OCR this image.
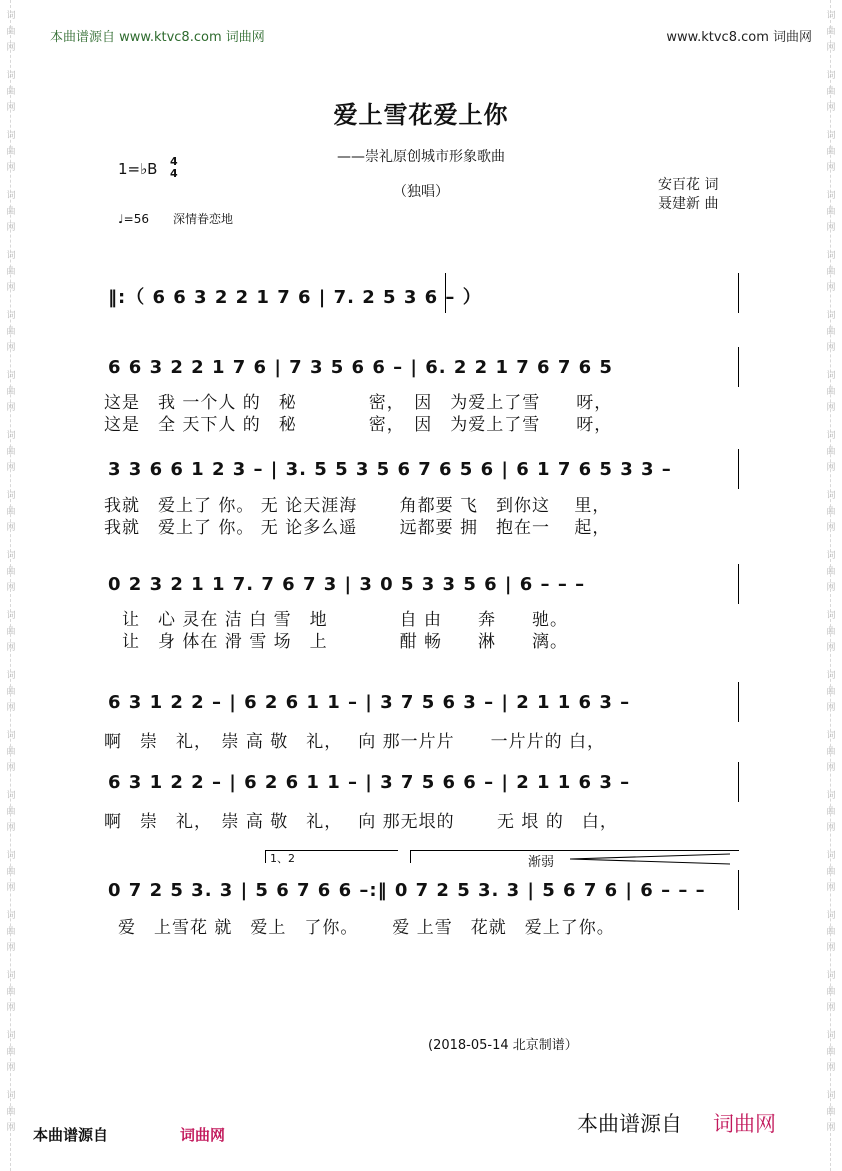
词
曲
网
词
曲
网
词
曲
网
词
曲
网
词
曲
网
词
曲
网
词
曲
网
词
曲
网
词
曲
网
词
曲
网
词
曲
网
词
曲
网
词
曲
网
词
曲
网
词
曲
网
词
曲
网
词
曲
网
词
曲
网
词
曲
网
词
曲
网
词
曲
网
词
曲
网
词
曲
网
词
曲
网
词
曲
网
词
曲
网
词
曲
网
词
曲
网
词
曲
网
词
曲
网
词
曲
网
词
曲
网
词
曲
网
词
曲
网
词
曲
网
词
曲
网
词
曲
网
词
曲
网
本曲谱源自 www.ktvc8.com 词曲网	www.ktvc8.com 词曲网
爱上雪花爱上你
——崇礼原创城市形象歌曲
（独唱）
1=♭B 4
4
♩=56　　深情眷恋地
安百花 词
聂建新 曲
‖:（ 6 6 3 2 2 1 7 6 | 7. 2 5 3 6 – ）
6 6 3 2 2 1 7 6 | 7 3 5 6 6 – | 6. 2 2 1 7 6 7 6 5
这是　我 一个人 的　秘　　　　密，　因　为爱上了雪　　呀，
这是　全 天下人 的　秘　　　　密，　因　为爱上了雪　　呀，
3 3 6 6 1 2 3 – | 3. 5 5 3 5 6 7 6 5 6 | 6 1 7 6 5 3 3 –
我就　爱上了 你。 无 论天涯海　　 角都要 飞　到你这　 里，
我就　爱上了 你。 无 论多么遥　　 远都要 拥　抱在一　 起，
0 2 3 2 1 1 7. 7 6 7 3 | 3 0 5 3 3 5 6 | 6 – – –
　让　心 灵在 洁 白 雪　地　　　　自 由　　奔　　驰。
　让　身 体在 滑 雪 场　上　　　　酣 畅　　淋　　漓。
6 3 1 2 2 – | 6 2 6 1 1 – | 3 7 5 6 3 – | 2 1 1 6 3 –
啊　崇　礼，　崇 高 敬　礼，　 向 那一片片　　一片片的 白，
6 3 1 2 2 – | 6 2 6 1 1 – | 3 7 5 6 6 – | 2 1 1 6 3 –
啊　崇　礼，　崇 高 敬　礼，　 向 那无垠的　　 无 垠 的　白，
1、2	渐弱
0 7 2 5 3. 3 | 5 6 7 6 6 –:‖ 0 7 2 5 3. 3 | 5 6 7 6 | 6 – – –
爱　上雪花 就　爱上　了你。　　 爱 上雪　花就　爱上了你。
(2018-05-14 北京制谱）
本曲谱源自	词曲网	本曲谱源自 词曲网
